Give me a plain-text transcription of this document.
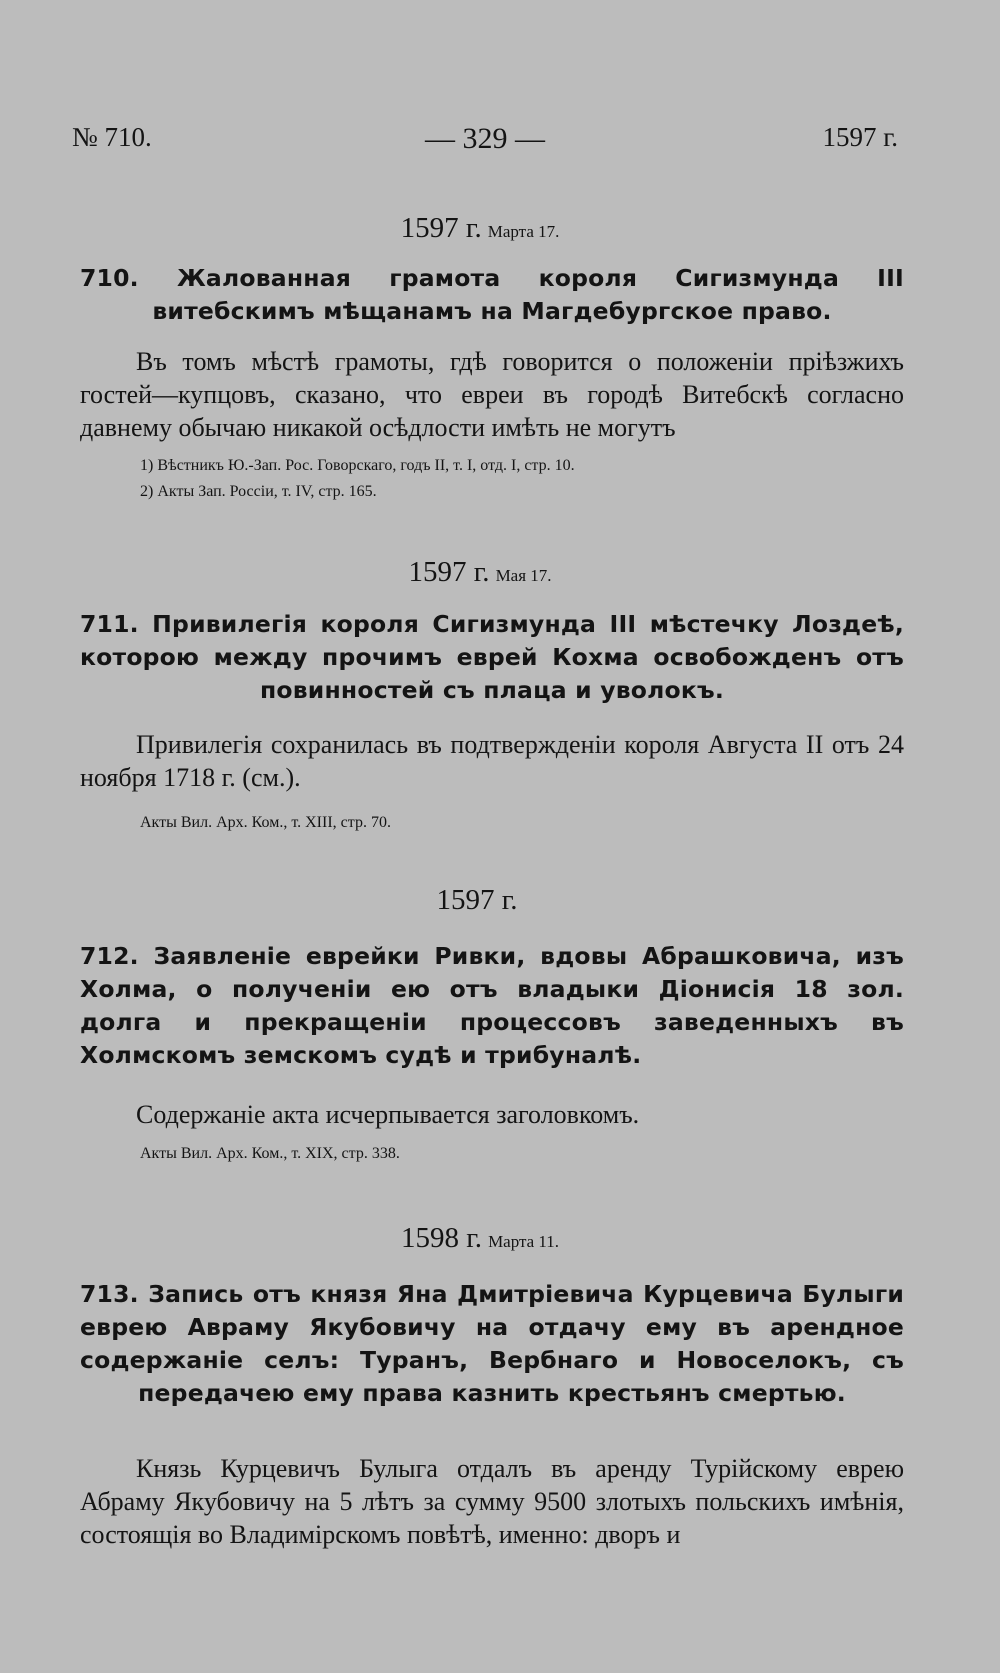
№ 710.	— 329 —	1597 г.
1597 г. Марта 17.
710. Жалованная грамота короля Сигизмунда III витебскимъ мѣщанамъ на Магдебургское право.
Въ томъ мѣстѣ грамоты, гдѣ говорится о положеніи пріѣзжихъ гостей—купцовъ, сказано, что евреи въ городѣ Витебскѣ согласно давнему обычаю никакой осѣдлости имѣть не могутъ
1) Вѣстникъ Ю.-Зап. Рос. Говорскаго, годъ II, т. I, отд. I, стр. 10.
2) Акты Зап. Россіи, т. IV, стр. 165.
1597 г. Мая 17.
711. Привилегія короля Сигизмунда III мѣстечку Лоздеѣ, которою между прочимъ еврей Кохма освобожденъ отъ повинностей съ плаца и уволокъ.
Привилегія сохранилась въ подтвержденіи короля Августа II отъ 24 ноября 1718 г. (см.).
Акты Вил. Арх. Ком., т. XIII, стр. 70.
1597 г.
712. Заявленіе еврейки Ривки, вдовы Абрашковича, изъ Холма, о полученіи ею отъ владыки Діонисія 18 зол. долга и прекращеніи процессовъ заведенныхъ въ Холмскомъ земскомъ судѣ и трибуналѣ.
Содержаніе акта исчерпывается заголовкомъ.
Акты Вил. Арх. Ком., т. XIX, стр. 338.
1598 г. Марта 11.
713. Запись отъ князя Яна Дмитріевича Курцевича Булыги еврею Авраму Якубовичу на отдачу ему въ арендное содержаніе селъ: Туранъ, Вербнаго и Новоселокъ, съ передачею ему права казнить крестьянъ смертью.
Князь Курцевичъ Булыга отдалъ въ аренду Турійскому еврею Абраму Якубовичу на 5 лѣтъ за сумму 9500 злотыхъ польскихъ имѣнія, состоящія во Владимірскомъ повѣтѣ, именно: дворъ и
